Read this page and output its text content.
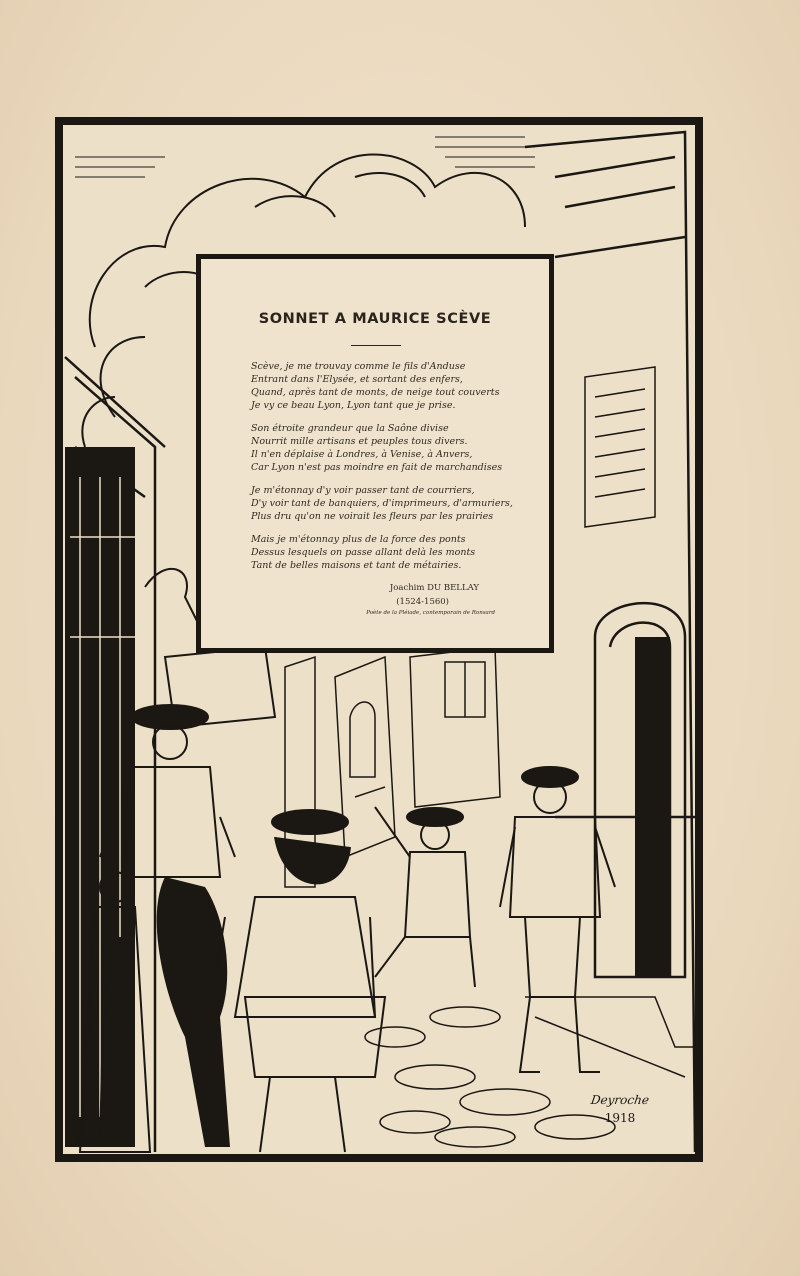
SONNET A MAURICE SCÈVE
Scève, je me trouvay comme le fils d'Anduse
Entrant dans l'Elysée, et sortant des enfers,
Quand, après tant de monts, de neige tout couverts
Je vy ce beau Lyon, Lyon tant que je prise.
Son étroite grandeur que la Saône divise
Nourrit mille artisans et peuples tous divers.
Il n'en déplaise à Londres, à Venise, à Anvers,
Car Lyon n'est pas moindre en fait de marchandises
Je m'étonnay d'y voir passer tant de courriers,
D'y voir tant de banquiers, d'imprimeurs, d'armuriers,
Plus dru qu'on ne voirait les fleurs par les prairies
Mais je m'étonnay plus de la force des ponts
Dessus lesquels on passe allant delà les monts
Tant de belles maisons et tant de métairies.
Joachim DU BELLAY
(1524-1560)
Poète de la Pléiade, contemporain de Ronsard
Deyroche
1918
